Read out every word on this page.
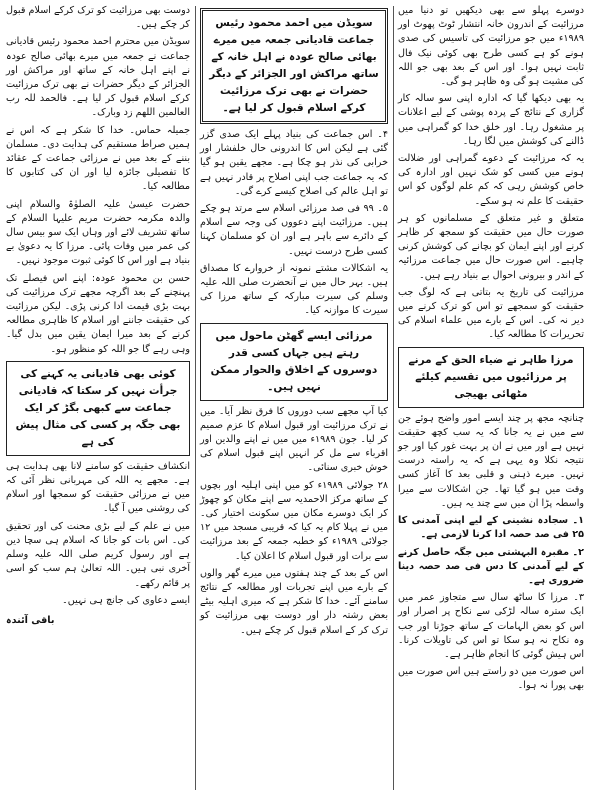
دوسرے پہلو سے بھی دیکھیں تو دنیا میں مرزائیت کے اندرون خانہ انتشار ٹوٹ پھوٹ اور ۱۹۸۹ء میں جو مرزائیت کی تاسیس کی صدی ہونے کو ہے کسی طرح بھی کوئی نیک فال ثابت نہیں ہوا۔ اور اس کے بعد بھی جو اللہ کی مشیت ہو گی وہ ظاہر ہو گی۔

یہ بھی دیکھا گیا کہ ادارہ اپنی سو سالہ کار گزاری کے نتائج کے پردہ پوشی کے لیے اعلانات پر مشغول رہا۔ اور خلق خدا کو گمراہی میں ڈالنے کی کوشش میں لگا رہا۔

یہ کہ مرزائیت کے دعوے گمراہی اور ضلالت ہونے میں کسی کو شک نہیں اور ادارہ کی خاص کوشش رہی کہ کم علم لوگوں کو اس حقیقت کا علم نہ ہو سکے۔

متعلق و غیر متعلق کے مسلمانوں کو ہر صورت حال میں حقیقت کو سمجھ کر ظاہر کرنے اور اپنے ایمان کو بچانے کی کوشش کرنی چاہیے۔ اس صورت حال میں جماعت مرزائیہ کے اندر و بیرونی احوال بے بنیاد رہے ہیں۔

مرزائیت کی تاریخ یہ بتاتی ہے کہ لوگ جب حقیقت کو سمجھے تو اس کو ترک کرنے میں دیر نہ کی۔ اس کے بارے میں علماء اسلام کی تحریرات کا مطالعہ کیا۔

مرزا طاہر نے ضیاء الحق کے مرنے پر مرزائیوں میں تقسیم کیلئے مٹھائی بھیجی

چنانچہ مجھ پر چند ایسے امور واضح ہوئے جن سے میں نے یہ جانا کہ یہ سب کچھ حقیقت نہیں ہے اور میں نے ان پر بہت غور کیا اور جو نتیجہ نکلا وہ یہی ہے کہ یہ راستہ درست نہیں۔ میرے ذہنی و قلبی بعد کا آغاز کسی وقت میں ہو گیا تھا۔ جن اشکالات سے میرا واسطہ پڑا ان میں سے چند یہ ہیں۔

۱۔ سجادہ نشینی کے لیے اپنی آمدنی کا ۲۵ فی صد حصہ ادا کرنا لازمی ہے۔

۲۔ مقبرہ البہشتی میں جگہ حاصل کرنے کے لیے آمدنی کا دس فی صد حصہ دینا ضروری ہے۔

۳۔ مرزا کا ساٹھ سال سے متجاوز عمر میں ایک سترہ سالہ لڑکی سے نکاح پر اصرار اور اس کو بعض الہامات کے ساتھ جوڑنا اور جب وہ نکاح نہ ہو سکا تو اس کی تاویلات کرنا۔ اس ہیش گوئی کا انجام ظاہر ہے۔

اس صورت میں دو راستے ہیں اس صورت میں بھی پورا نہ ہوا۔

سویڈن میں احمد محمود رئیس جماعت قادیانی جمعہ میں میرے بھائی صالح عودہ نے اہل خانہ کے ساتھ مراکش اور الجزائر کے دیگر حضرات نے بھی ترک مرزائیت کرکے اسلام قبول کر لیا ہے۔

۴۔ اس جماعت کی بنیاد پہلے ایک صدی گزر گئی ہے لیکن اس کا اندرونی حال خلفشار اور خرابی کی نذر ہو چکا ہے۔ مجھے یقین ہو گیا کہ یہ جماعت جب اپنی اصلاح پر قادر نہیں ہے تو اہل عالم کی اصلاح کیسے کرے گی۔

۵۔ ۹۹ فی صد مرزائی اسلام سے مرتد ہو چکے ہیں۔ مرزائیت اپنے دعووں کی وجہ سے اسلام کے دائرے سے باہر ہے اور ان کو مسلمان کہنا کسی طرح درست نہیں۔

یہ اشکالات مشتے نمونہ از خروارے کا مصداق ہیں۔ بہر حال میں نے آنحضرت صلی اللہ علیہ وسلم کی سیرت مبارکہ کے ساتھ مرزا کی سیرت کا موازنہ کیا۔

مرزائی ایسے گھٹن ماحول میں رہتے ہیں جہاں کسی قدر دوسروں کے اخلاق والحوار ممکن نہیں ہیں۔

کیا آپ مجھے سب دوروں کا فرق نظر آیا۔ میں نے ترک مرزائیت اور قبول اسلام کا عزم صمیم کر لیا۔ جون ۱۹۸۹ء میں میں نے اپنے والدین اور اقرباء سے مل کر انہیں اپنے قبول اسلام کی خوش خبری سنائی۔

۲۸ جولائی ۱۹۸۹ء کو میں اپنی اہلیہ اور بچوں کے ساتھ مرکز الاحمدیہ سے اپنے مکان کو چھوڑ کر ایک دوسرے مکان میں سکونت اختیار کی۔ میں نے پہلا کام یہ کیا کہ قریبی مسجد میں ۱۲ جولائی ۱۹۸۹ء کو خطبہ جمعہ کے بعد مرزائیت سے برات اور قبول اسلام کا اعلان کیا۔

اس کے بعد کے چند ہفتوں میں میرے گھر والوں کے بارے میں اپنے تجربات اور مطالعہ کے نتائج سامنے آئے۔ خدا کا شکر ہے کہ میری اہلیہ بیٹے بعض رشتہ دار اور دوست بھی مرزائیت کو ترک کر کے اسلام قبول کر چکے ہیں۔

دوست بھی مرزائیت کو ترک کرکے اسلام قبول کر چکے ہیں۔

سویڈن میں محترم احمد محمود رئیس قادیانی جماعت نے جمعہ میں میرے بھائی صالح عودہ نے اپنے اہل خانہ کے ساتھ اور مراکش اور الجزائر کے دیگر حضرات نے بھی ترک مرزائیت کرکے اسلام قبول کر لیا ہے۔ فالحمد للہ رب العالمین اللھم زد وبارک۔

جمیلہ حماس۔ خدا کا شکر ہے کہ اس نے ہمیں صراط مستقیم کی ہدایت دی۔ مسلمان بننے کے بعد میں نے مرزائی جماعت کے عقائد کا تفصیلی جائزہ لیا اور ان کی کتابوں کا مطالعہ کیا۔

حضرت عیسیٰ علیہ الصلوٰۃ والسلام اپنی والدہ مکرمہ حضرت مریم علیہا السلام کے ساتھ تشریف لائے اور وہاں ایک سو بیس سال کی عمر میں وفات پائی۔ مرزا کا یہ دعویٰ بے بنیاد ہے اور اس کا کوئی ثبوت موجود نہیں۔

حسن بن محمود عودہ: اپنے اس فیصلے تک پہنچنے کے بعد اگرچہ مجھے ترک مرزائیت کی بہت بڑی قیمت ادا کرنی پڑی۔ لیکن مرزائیت کی حقیقت جاننے اور اسلام کا ظاہری مطالعہ کرنے کے بعد میرا ایمان یقین میں بدل گیا۔ وہی رہے گا جو اللہ کو منظور ہو۔

کوئی بھی قادیانی یہ کہنے کی جرأت نہیں کر سکتا کہ قادیانی جماعت سے کبھی بگڑ کر ایک بھی جگہ پر کسی کی مثال پیش کی ہے

انکشاف حقیقت کو سامنے لانا بھی ہدایت ہی ہے۔ مجھے یہ اللہ کی مہربانی نظر آئی کہ میں نے مرزائی حقیقت کو سمجھا اور اسلام کی روشنی میں آ گیا۔

میں نے علم کے لیے بڑی محنت کی اور تحقیق کی۔ اس بات کو جانا کہ اسلام ہی سچا دین ہے اور رسول کریم صلی اللہ علیہ وسلم آخری نبی ہیں۔ اللہ تعالیٰ ہم سب کو اسی پر قائم رکھے۔

ایسے دعاوی کی جانچ ہی نہیں۔

باقی آئندہ
